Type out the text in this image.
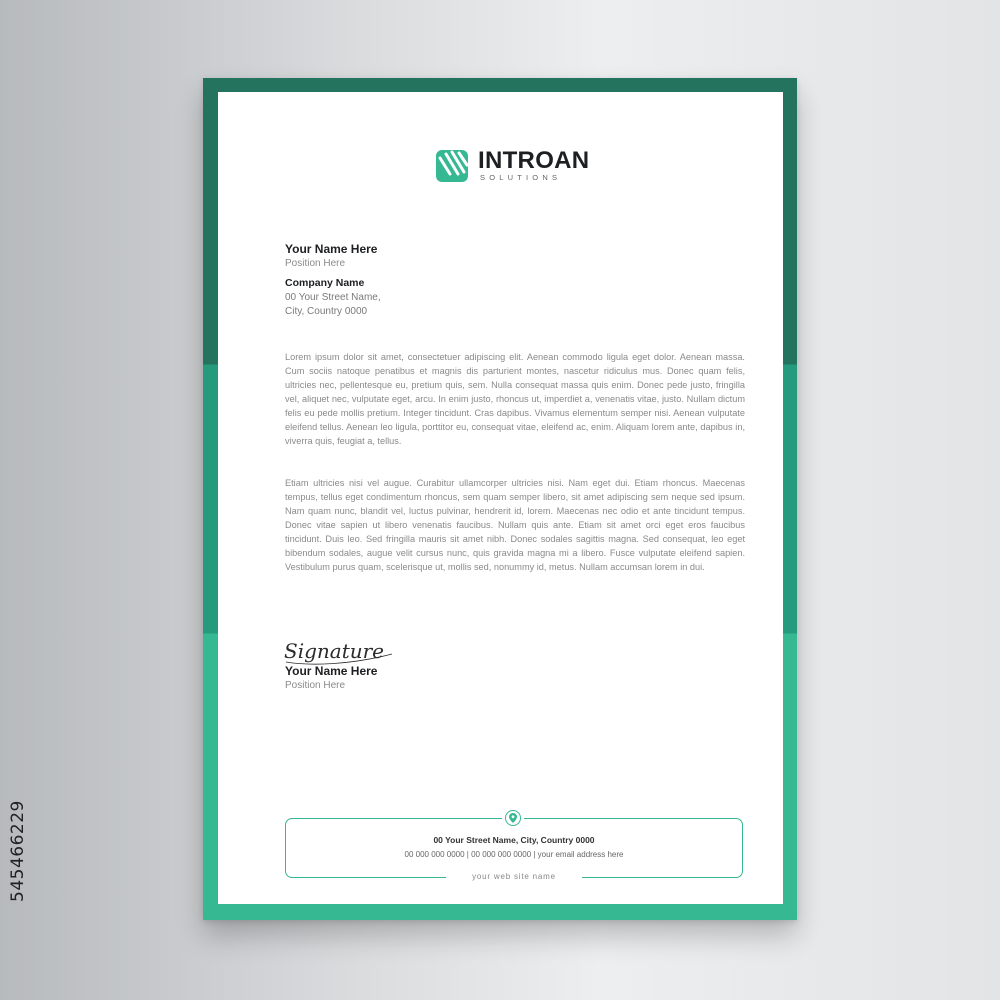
545466229
INTROAN
SOLUTIONS
Your Name Here
Position Here
Company Name
00 Your Street Name,
City, Country 0000
Lorem ipsum dolor sit amet, consectetuer adipiscing elit. Aenean commodo ligula eget dolor. Aenean massa. Cum sociis natoque penatibus et magnis dis parturient montes, nascetur ridiculus mus. Donec quam felis, ultricies nec, pellentesque eu, pretium quis, sem. Nulla consequat massa quis enim. Donec pede justo, fringilla vel, aliquet nec, vulputate eget, arcu. In enim justo, rhoncus ut, imperdiet a, venenatis vitae, justo. Nullam dictum felis eu pede mollis pretium. Integer tincidunt. Cras dapibus. Vivamus elementum semper nisi. Aenean vulputate eleifend tellus. Aenean leo ligula, porttitor eu, consequat vitae, eleifend ac, enim. Aliquam lorem ante, dapibus in, viverra quis, feugiat a, tellus.
Etiam ultricies nisi vel augue. Curabitur ullamcorper ultricies nisi. Nam eget dui. Etiam rhoncus. Maecenas tempus, tellus eget condimentum rhoncus, sem quam semper libero, sit amet adipiscing sem neque sed ipsum. Nam quam nunc, blandit vel, luctus pulvinar, hendrerit id, lorem. Maecenas nec odio et ante tincidunt tempus. Donec vitae sapien ut libero venenatis faucibus. Nullam quis ante. Etiam sit amet orci eget eros faucibus tincidunt. Duis leo. Sed fringilla mauris sit amet nibh. Donec sodales sagittis magna. Sed consequat, leo eget bibendum sodales, augue velit cursus nunc, quis gravida magna mi a libero. Fusce vulputate eleifend sapien. Vestibulum purus quam, scelerisque ut, mollis sed, nonummy id, metus. Nullam accumsan lorem in dui.
Signature
Your Name Here
Position Here
00 Your Street Name, City, Country 0000
00 000 000 0000 | 00 000 000 0000 | your email address here
your web site name
